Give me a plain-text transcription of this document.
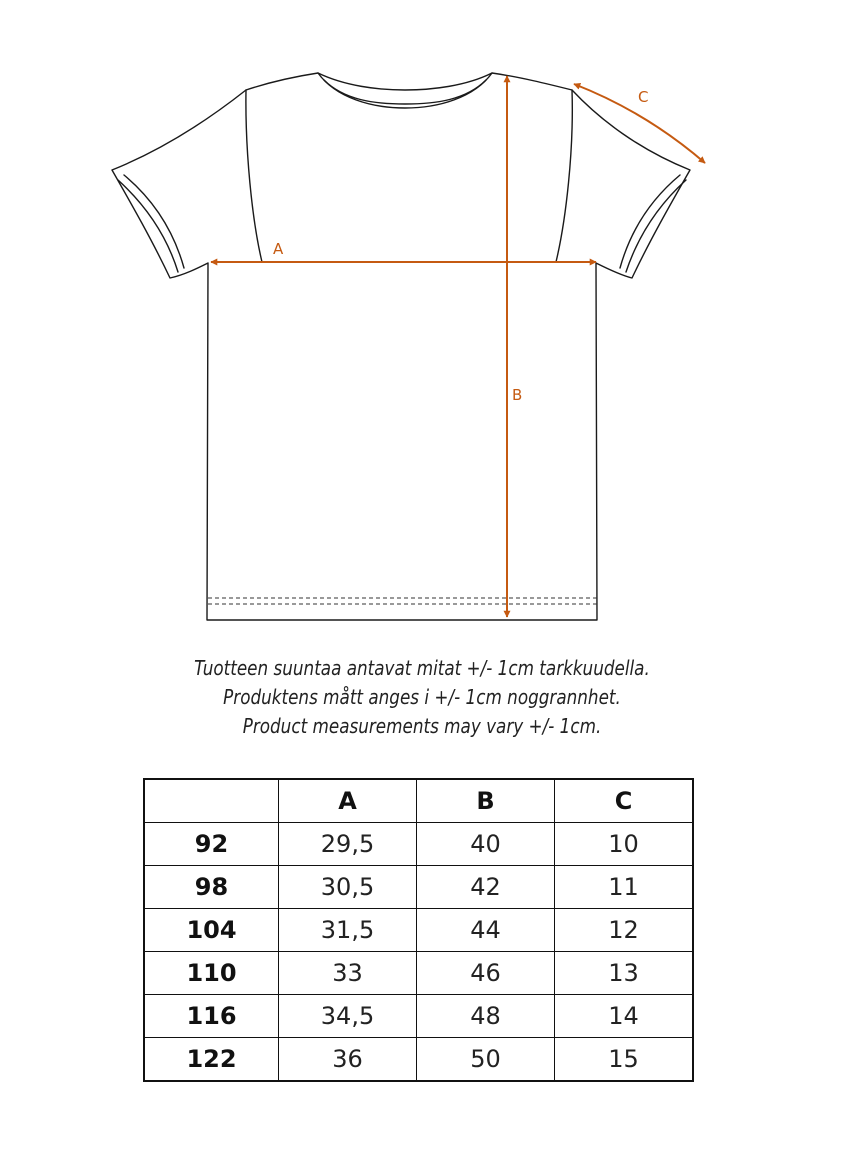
A
B
C
Tuotteen suuntaa antavat mitat +/- 1cm tarkkuudella.
Produktens mått anges i +/- 1cm noggrannhet.
Product measurements may vary +/- 1cm.
	A	B	C
92	29,5	40	10
98	30,5	42	11
104	31,5	44	12
110	33	46	13
116	34,5	48	14
122	36	50	15
